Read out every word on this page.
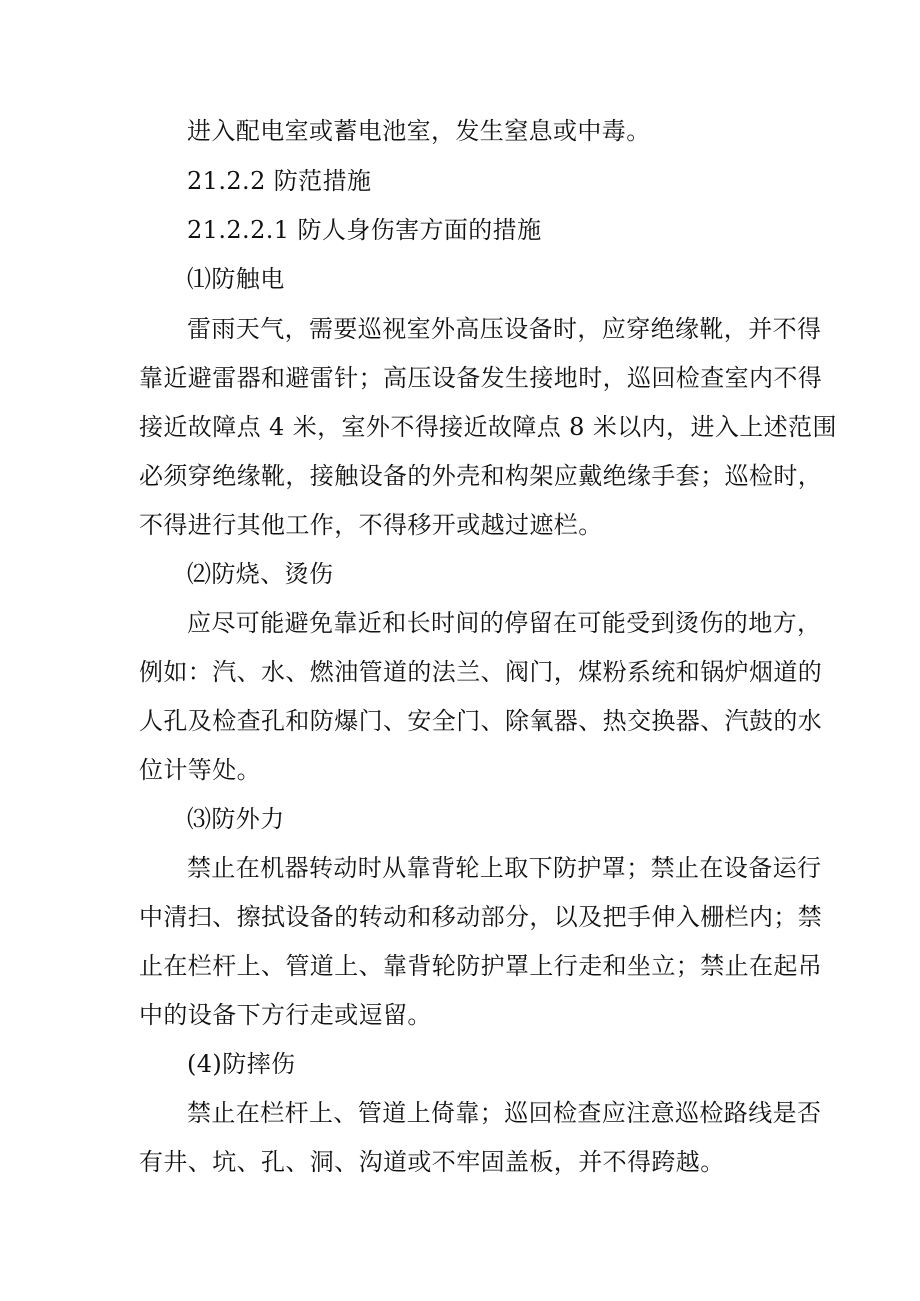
进入配电室或蓄电池室，发生窒息或中毒。
21.2.2 防范措施
21.2.2.1 防人身伤害方面的措施
⑴防触电
雷雨天气，需要巡视室外高压设备时，应穿绝缘靴，并不得
靠近避雷器和避雷针；高压设备发生接地时，巡回检查室内不得
接近故障点 4 米，室外不得接近故障点 8 米以内，进入上述范围
必须穿绝缘靴，接触设备的外壳和构架应戴绝缘手套；巡检时，
不得进行其他工作，不得移开或越过遮栏。
⑵防烧、烫伤
应尽可能避免靠近和长时间的停留在可能受到烫伤的地方，
例如：汽、水、燃油管道的法兰、阀门，煤粉系统和锅炉烟道的
人孔及检查孔和防爆门、安全门、除氧器、热交换器、汽鼓的水
位计等处。
⑶防外力
禁止在机器转动时从靠背轮上取下防护罩；禁止在设备运行
中清扫、擦拭设备的转动和移动部分，以及把手伸入栅栏内；禁
止在栏杆上、管道上、靠背轮防护罩上行走和坐立；禁止在起吊
中的设备下方行走或逗留。
(4)防摔伤
禁止在栏杆上、管道上倚靠；巡回检查应注意巡检路线是否
有井、坑、孔、洞、沟道或不牢固盖板，并不得跨越。
